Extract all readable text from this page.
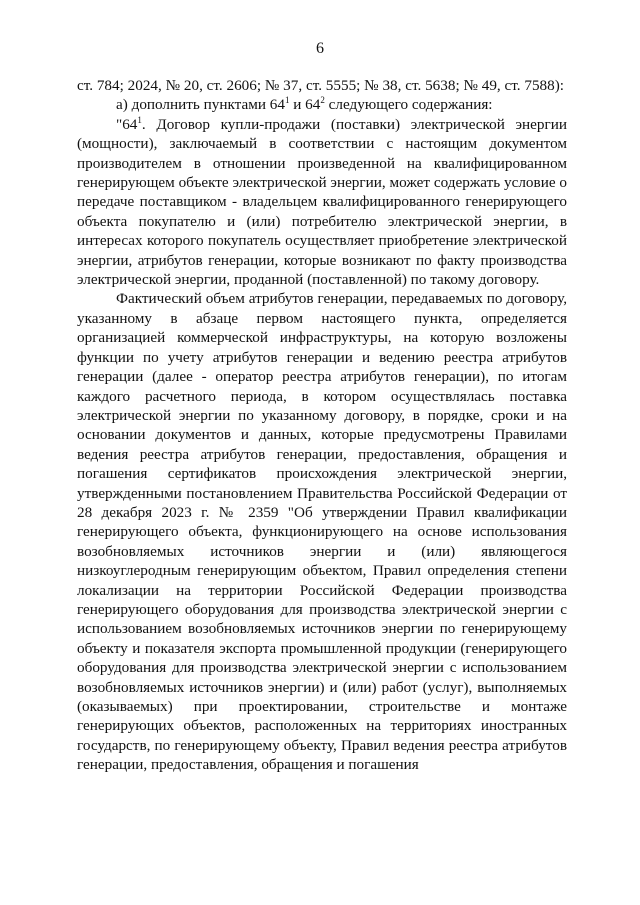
6

ст. 784; 2024, № 20, ст. 2606; № 37, ст. 5555; № 38, ст. 5638; № 49, ст. 7588):

а) дополнить пунктами $64^1$ и $64^2$ следующего содержания:

"$64^1$. Договор купли-продажи (поставки) электрической энергии (мощности), заключаемый в соответствии с настоящим документом производителем в отношении произведенной на квалифицированном генерирующем объекте электрической энергии, может содержать условие о передаче поставщиком - владельцем квалифицированного генерирующего объекта покупателю и (или) потребителю электрической энергии, в интересах которого покупатель осуществляет приобретение электрической энергии, атрибутов генерации, которые возникают по факту производства электрической энергии, проданной (поставленной) по такому договору.

Фактический объем атрибутов генерации, передаваемых по договору, указанному в абзаце первом настоящего пункта, определяется организацией коммерческой инфраструктуры, на которую возложены функции по учету атрибутов генерации и ведению реестра атрибутов генерации (далее - оператор реестра атрибутов генерации), по итогам каждого расчетного периода, в котором осуществлялась поставка электрической энергии по указанному договору, в порядке, сроки и на основании документов и данных, которые предусмотрены Правилами ведения реестра атрибутов генерации, предоставления, обращения и погашения сертификатов происхождения электрической энергии, утвержденными постановлением Правительства Российской Федерации от 28 декабря 2023 г. № 2359 "Об утверждении Правил квалификации генерирующего объекта, функционирующего на основе использования возобновляемых источников энергии и (или) являющегося низкоуглеродным генерирующим объектом, Правил определения степени локализации на территории Российской Федерации производства генерирующего оборудования для производства электрической энергии с использованием возобновляемых источников энергии по генерирующему объекту и показателя экспорта промышленной продукции (генерирующего оборудования для производства электрической энергии с использованием возобновляемых источников энергии) и (или) работ (услуг), выполняемых (оказываемых) при проектировании, строительстве и монтаже генерирующих объектов, расположенных на территориях иностранных государств, по генерирующему объекту, Правил ведения реестра атрибутов генерации, предоставления, обращения и погашения
